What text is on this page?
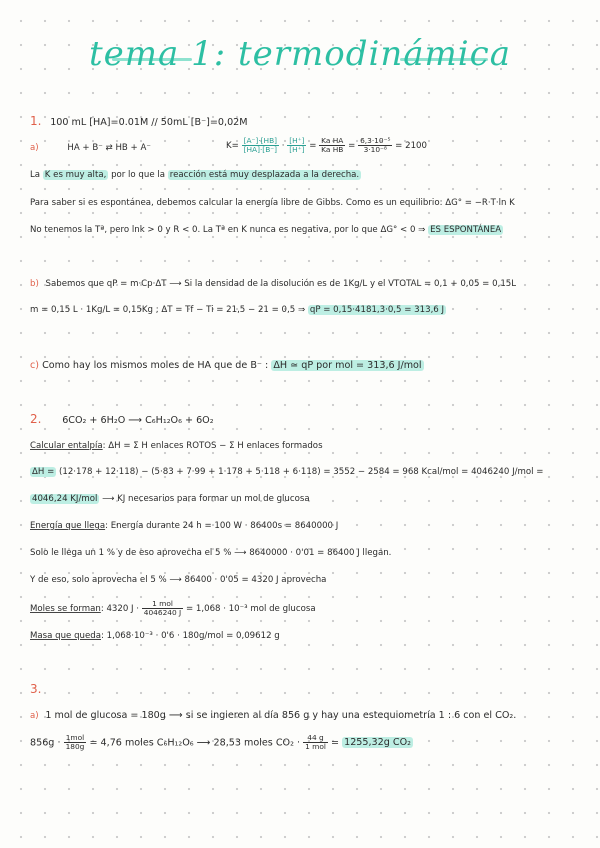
tema 1: termodinámica
1. 100 mL [HA]=0.01M // 50mL [B⁻]=0,02M
a)	HA + B⁻ ⇄ HB + A⁻	$K= \frac{[A^-]\cdot[HB]}{[HA]\cdot[B^-]} \cdot \frac{[H^+]}{[H^+]} = \frac{\text{Ka HA}}{\text{Ka HB}} = \frac{\text{6,3·10⁻⁵}}{\text{3·10⁻⁸}} = 2100$
La K es muy alta, por lo que la reacción está muy desplazada a la derecha.
Para saber si es espontánea, debemos calcular la energía libre de Gibbs. Como es un equilibrio: ΔG° = −R·T·ln K
No tenemos la Tª, pero lnk > 0 y R < 0. La Tª en K nunca es negativa, por lo que ΔG° < 0 ⇒ ES ESPONTÁNEA
b) Sabemos que qP = m·Cp·ΔT ⟶ Si la densidad de la disolución es de 1Kg/L y el VTOTAL = 0,1 + 0,05 = 0,15L
m = 0,15 L · 1Kg/L = 0,15Kg ; ΔT = Tf − Ti = 21,5 − 21 = 0,5 ⇒ qP = 0,15·4181,3·0,5 = 313,6 J
c) Como hay los mismos moles de HA que de B⁻ : ΔH ≃ qP por mol = 313,6 J/mol
2. 6CO₂ + 6H₂O ⟶ C₆H₁₂O₆ + 6O₂
Calcular entalpía: ΔH = Σ H enlaces ROTOS − Σ H enlaces formados
ΔH = (12·178 + 12·118) − (5·83 + 7·99 + 1·178 + 5·118 + 6·118) = 3552 − 2584 = 968 Kcal/mol = 4046240 J/mol =
4046,24 KJ/mol ⟶ KJ necesarios para formar un mol de glucosa
Energía que llega: Energía durante 24 h = 100 W · 86400s = 8640000 J
Solo le llega un 1 % y de eso aprovecha el 5 % ⟶ 8640000 · 0'01 = 86400 J llegan.
Y de eso, solo aprovecha el 5 % ⟶ 86400 · 0'05 = 4320 J aprovecha
Moles se forman: 4320 $J \cdot \frac{\text{1 mol}}{4046240 J} = 1,068 \cdot 10^{-3}$ mol de glucosa
Masa que queda: 1,068·10⁻³ · 0'6 · 180g/mol = 0,09612 g
3.
a) 1 mol de glucosa = 180g ⟶ si se ingieren al día 856 g y hay una estequiometría 1 : 6 con el CO₂.
$856g \cdot \frac{\text{1mol}}{180g} = 4,76$ moles C₆H₁₂O₆ ⟶ 28,53 moles $CO_2 \cdot \frac{44 g}{\text{1 mol}} = 1255,32g$ CO₂
